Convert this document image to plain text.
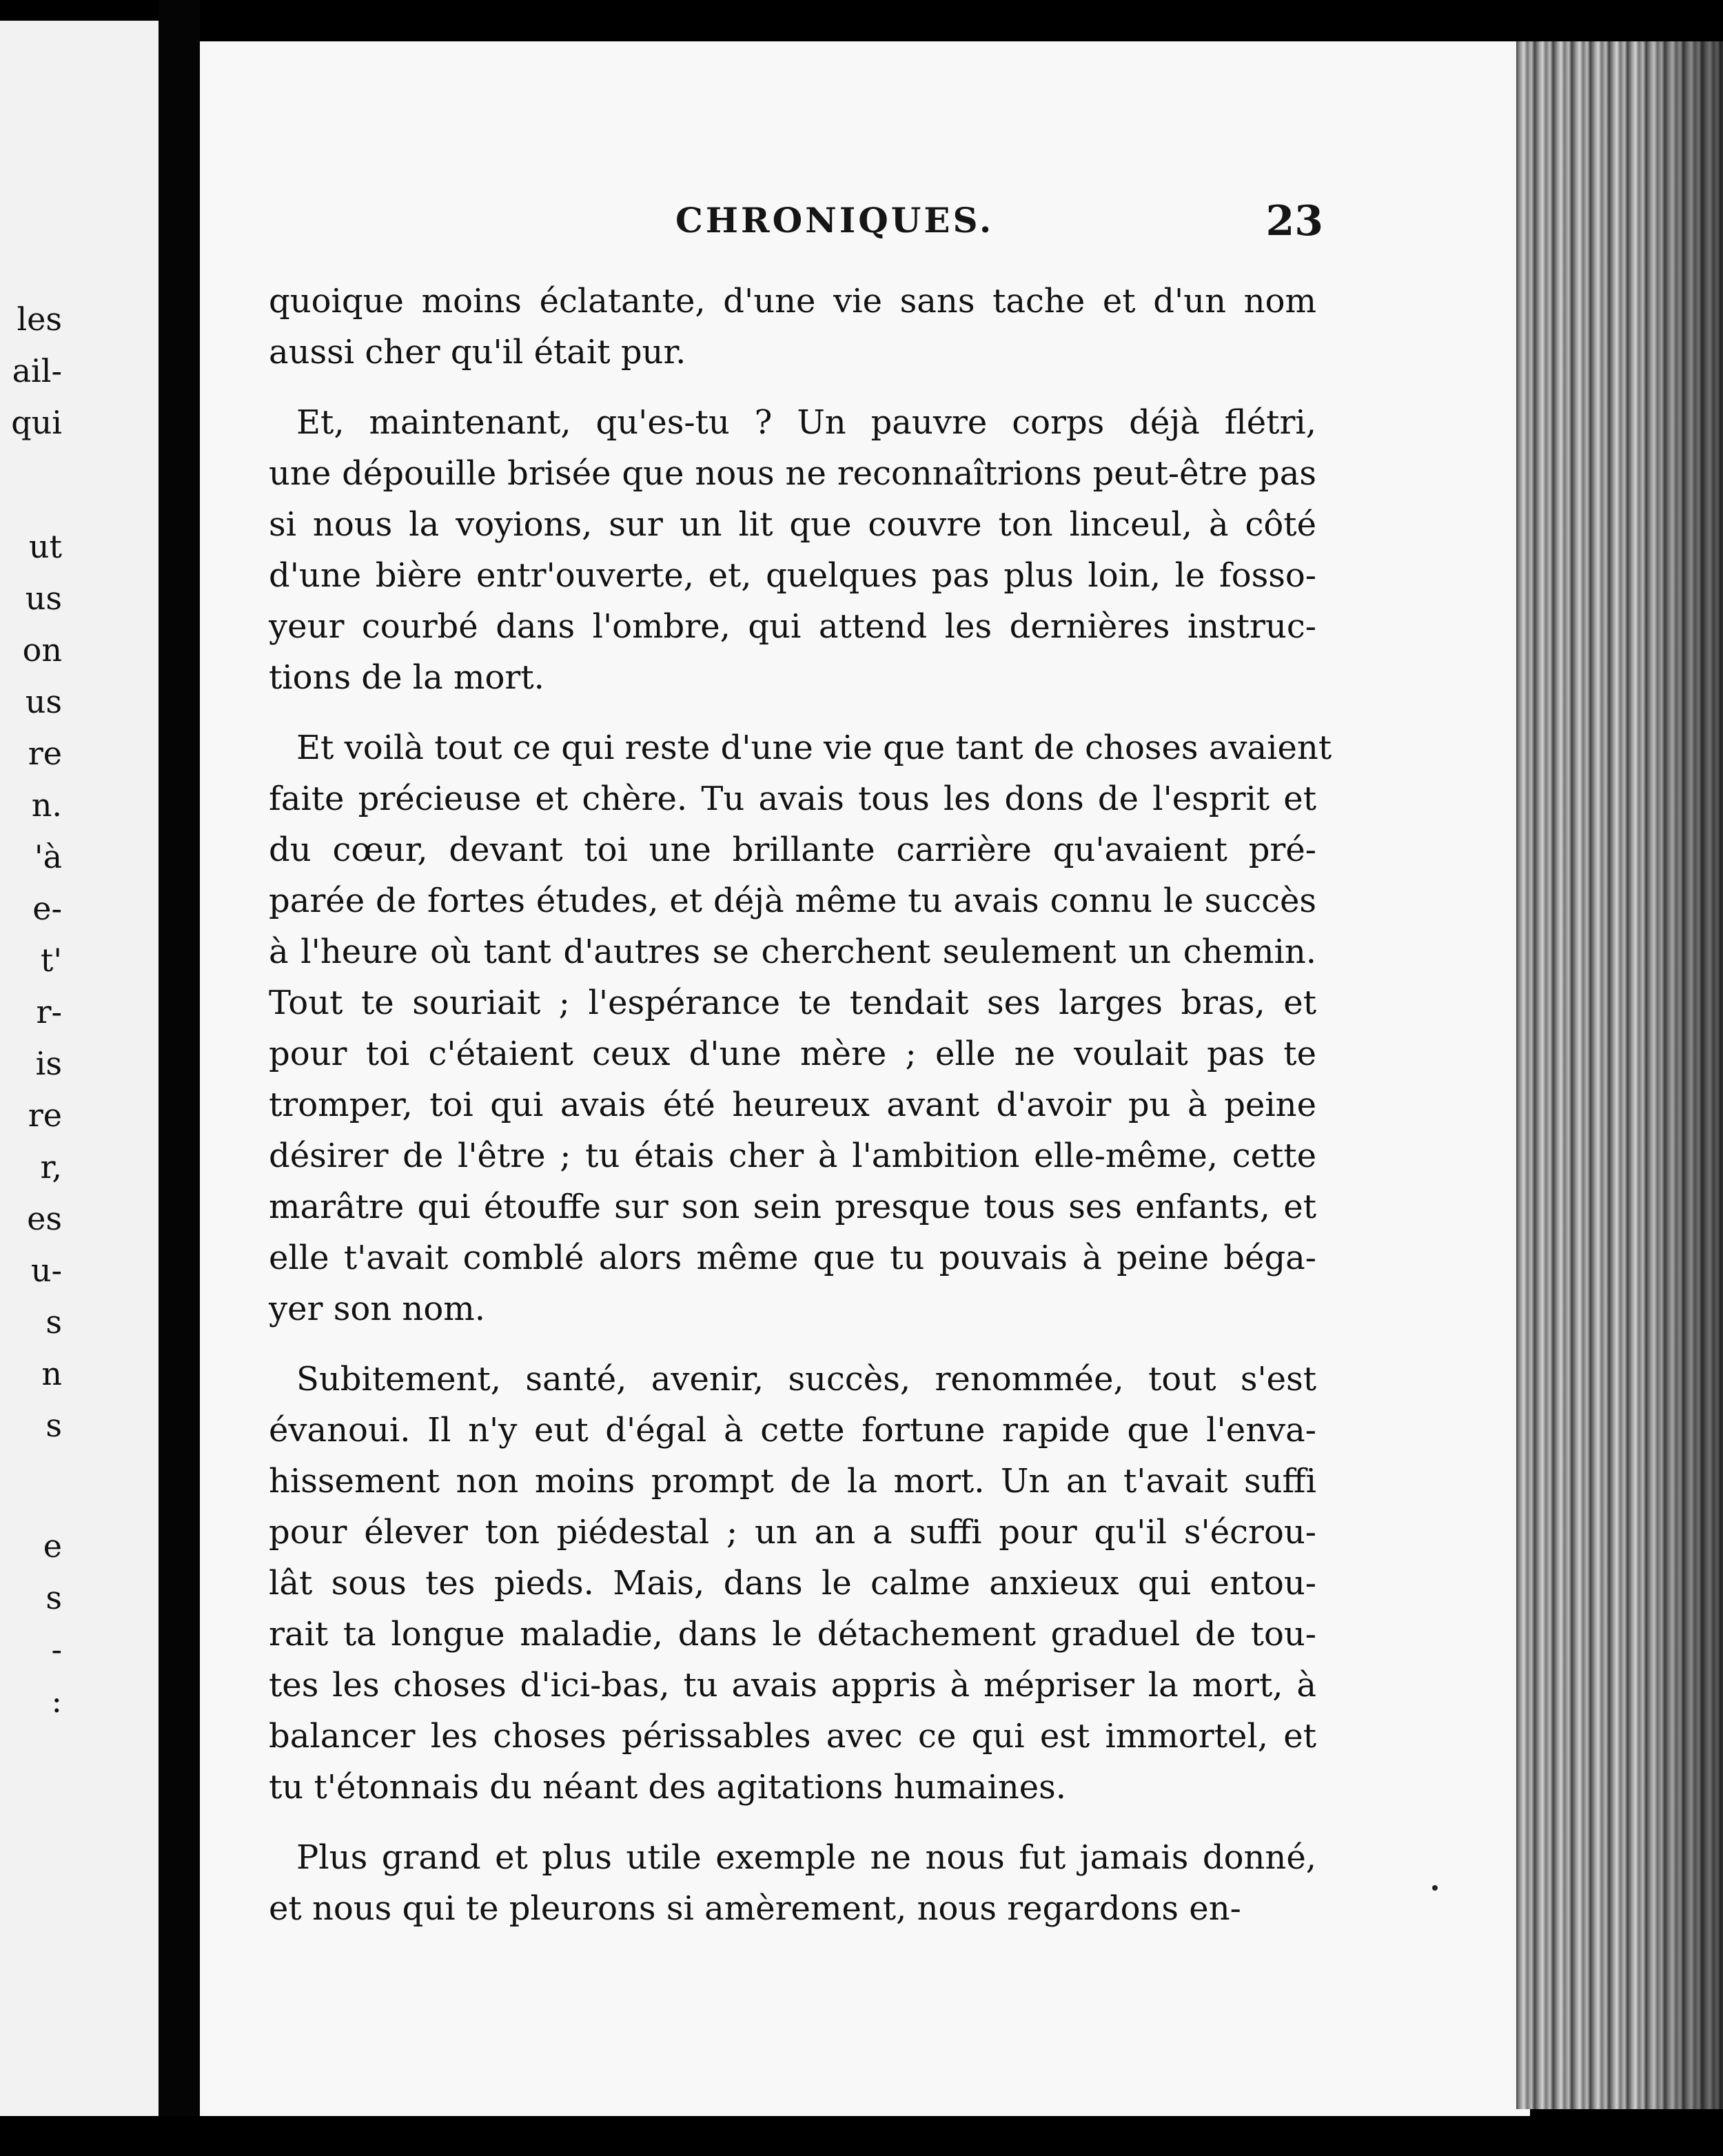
les
ail-
qui
ut
us
on
us
re
n.
'à
e-
t'
r-
is
re
r,
es
u-
s
n
s
e
s
-
:
CHRONIQUES.	23
quoique moins éclatante, d'une vie sans tache et d'un nom
aussi cher qu'il était pur.
Et, maintenant, qu'es-tu ? Un pauvre corps déjà flétri,
une dépouille brisée que nous ne reconnaîtrions peut-être pas
si nous la voyions, sur un lit que couvre ton linceul, à côté
d'une bière entr'ouverte, et, quelques pas plus loin, le fosso-
yeur courbé dans l'ombre, qui attend les dernières instruc-
tions de la mort.
Et voilà tout ce qui reste d'une vie que tant de choses avaient
faite précieuse et chère. Tu avais tous les dons de l'esprit et
du cœur, devant toi une brillante carrière qu'avaient pré-
parée de fortes études, et déjà même tu avais connu le succès
à l'heure où tant d'autres se cherchent seulement un chemin.
Tout te souriait ; l'espérance te tendait ses larges bras, et
pour toi c'étaient ceux d'une mère ; elle ne voulait pas te
tromper, toi qui avais été heureux avant d'avoir pu à peine
désirer de l'être ; tu étais cher à l'ambition elle-même, cette
marâtre qui étouffe sur son sein presque tous ses enfants, et
elle t'avait comblé alors même que tu pouvais à peine béga-
yer son nom.
Subitement, santé, avenir, succès, renommée, tout s'est
évanoui. Il n'y eut d'égal à cette fortune rapide que l'enva-
hissement non moins prompt de la mort. Un an t'avait suffi
pour élever ton piédestal ; un an a suffi pour qu'il s'écrou-
lât sous tes pieds. Mais, dans le calme anxieux qui entou-
rait ta longue maladie, dans le détachement graduel de tou-
tes les choses d'ici-bas, tu avais appris à mépriser la mort, à
balancer les choses périssables avec ce qui est immortel, et
tu t'étonnais du néant des agitations humaines.
Plus grand et plus utile exemple ne nous fut jamais donné,
et nous qui te pleurons si amèrement, nous regardons en-
